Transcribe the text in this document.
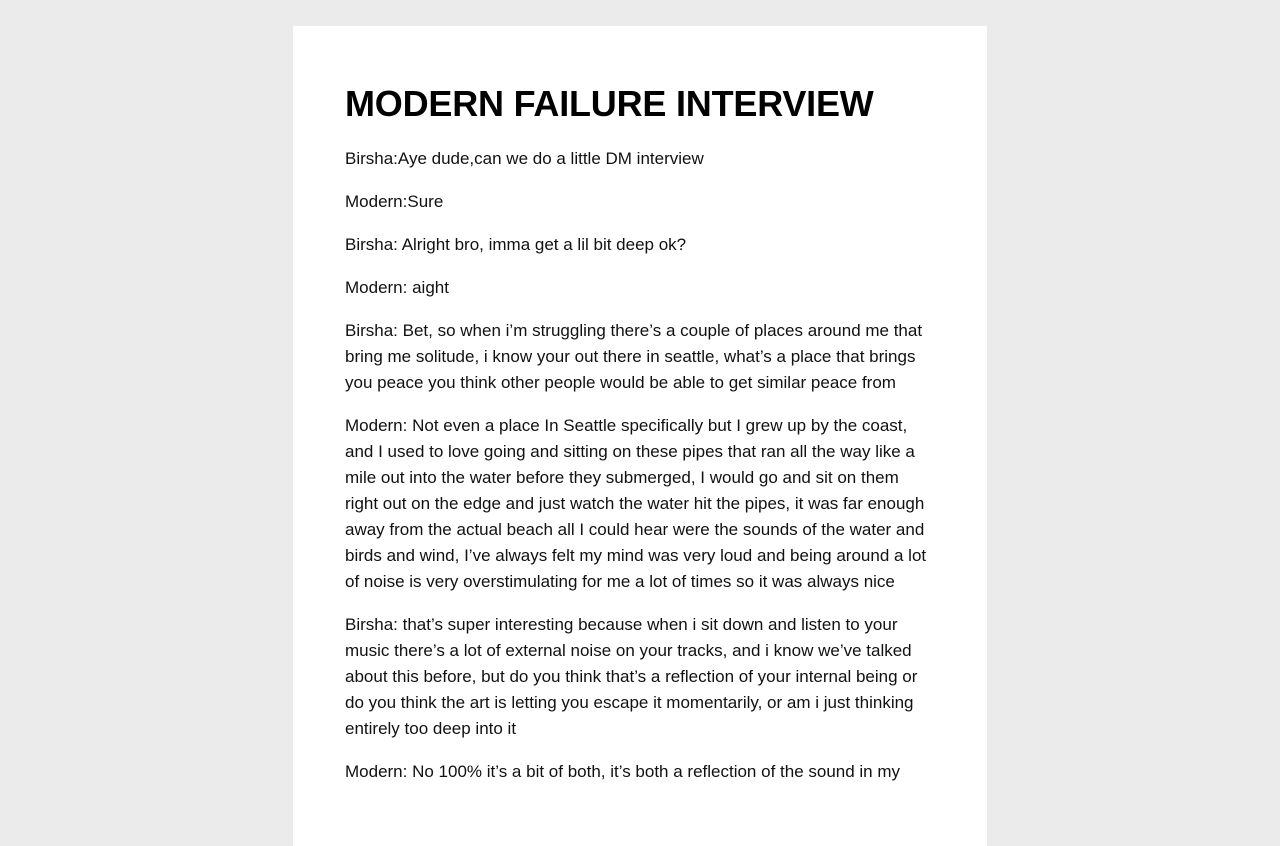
MODERN FAILURE INTERVIEW

Birsha:Aye dude,can we do a little DM interview

Modern:Sure

Birsha: Alright bro, imma get a lil bit deep ok?

Modern: aight

Birsha: Bet, so when i’m struggling there’s a couple of places around me that bring me solitude, i know your out there in seattle, what’s a place that brings you peace you think other people would be able to get similar peace from

Modern: Not even a place In Seattle specifically but I grew up by the coast, and I used to love going and sitting on these pipes that ran all the way like a mile out into the water before they submerged, I would go and sit on them right out on the edge and just watch the water hit the pipes, it was far enough away from the actual beach all I could hear were the sounds of the water and birds and wind, I’ve always felt my mind was very loud and being around a lot of noise is very overstimulating for me a lot of times so it was always nice

Birsha: that’s super interesting because when i sit down and listen to your music there’s a lot of external noise on your tracks, and i know we’ve talked about this before, but do you think that’s a reflection of your internal being or do you think the art is letting you escape it momentarily, or am i just thinking entirely too deep into it

Modern: No 100% it’s a bit of both, it’s both a reflection of the sound in my
